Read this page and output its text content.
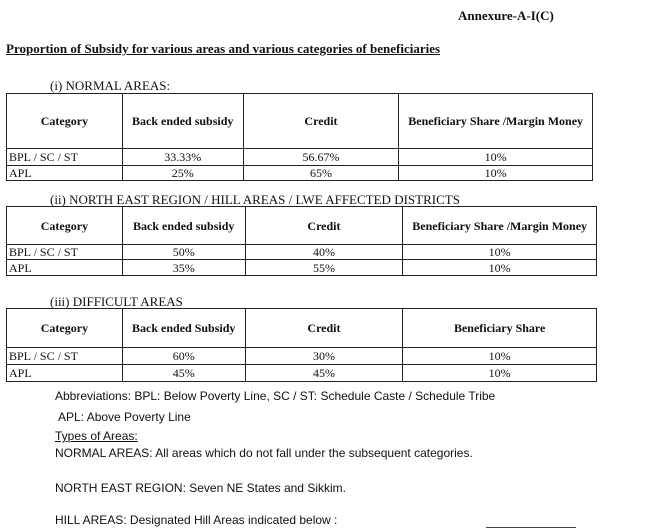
Annexure-A-I(C)
Proportion of Subsidy for various areas and various categories of beneficiaries
(i) NORMAL AREAS:
Category	Back ended subsidy	Credit	Beneficiary Share /Margin Money
BPL / SC / ST	33.33%	56.67%	10%
APL	25%	65%	10%
(ii) NORTH EAST REGION / HILL AREAS / LWE AFFECTED DISTRICTS
Category	Back ended subsidy	Credit	Beneficiary Share /Margin Money
BPL / SC / ST	50%	40%	10%
APL	35%	55%	10%
(iii) DIFFICULT AREAS
Category	Back ended Subsidy	Credit	Beneficiary Share
BPL / SC / ST	60%	30%	10%
APL	45%	45%	10%
Abbreviations: BPL: Below Poverty Line, SC / ST: Schedule Caste / Schedule Tribe
APL: Above Poverty Line
Types of Areas:
NORMAL AREAS: All areas which do not fall under the subsequent categories.
NORTH EAST REGION: Seven NE States and Sikkim.
HILL AREAS: Designated Hill Areas indicated below :
